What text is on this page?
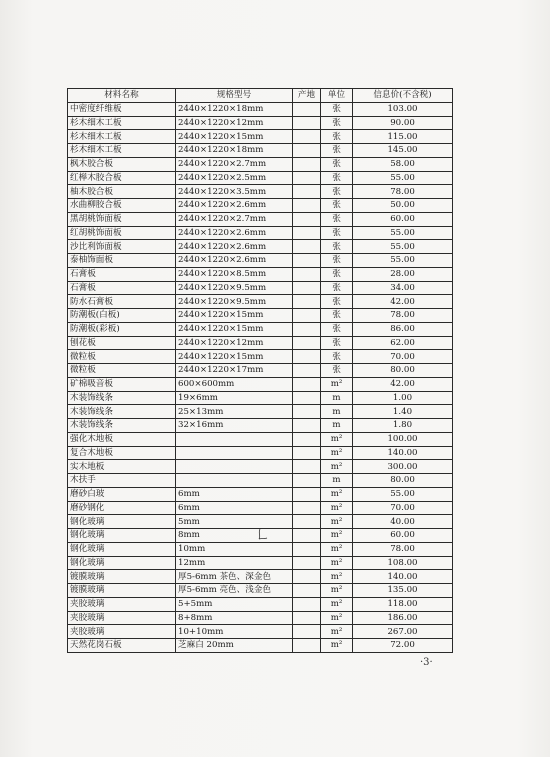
材料名称	规格型号	产地	单位	信息价(不含税)
中密度纤维板	2440×1220×18mm		张	103.00
杉木细木工板	2440×1220×12mm		张	90.00
杉木细木工板	2440×1220×15mm		张	115.00
杉木细木工板	2440×1220×18mm		张	145.00
枫木胶合板	2440×1220×2.7mm		张	58.00
红榉木胶合板	2440×1220×2.5mm		张	55.00
柚木胶合板	2440×1220×3.5mm		张	78.00
水曲柳胶合板	2440×1220×2.6mm		张	50.00
黑胡桃饰面板	2440×1220×2.7mm		张	60.00
红胡桃饰面板	2440×1220×2.6mm		张	55.00
沙比利饰面板	2440×1220×2.6mm		张	55.00
泰柚饰面板	2440×1220×2.6mm		张	55.00
石膏板	2440×1220×8.5mm		张	28.00
石膏板	2440×1220×9.5mm		张	34.00
防水石膏板	2440×1220×9.5mm		张	42.00
防潮板(白板)	2440×1220×15mm		张	78.00
防潮板(彩板)	2440×1220×15mm		张	86.00
刨花板	2440×1220×12mm		张	62.00
微粒板	2440×1220×15mm		张	70.00
微粒板	2440×1220×17mm		张	80.00
矿棉吸音板	600×600mm		m²	42.00
木装饰线条	19×6mm		m	1.00
木装饰线条	25×13mm		m	1.40
木装饰线条	32×16mm		m	1.80
强化木地板			m²	100.00
复合木地板			m²	140.00
实木地板			m²	300.00
木扶手			m	80.00
磨砂白玻	6mm		m²	55.00
磨砂钢化	6mm		m²	70.00
钢化玻璃	5mm		m²	40.00
钢化玻璃	8mm		m²	60.00
钢化玻璃	10mm		m²	78.00
钢化玻璃	12mm		m²	108.00
镀膜玻璃	厚5-6mm 茶色、深金色		m²	140.00
镀膜玻璃	厚5-6mm 亮色、浅金色		m²	135.00
夹胶玻璃	5+5mm		m²	118.00
夹胶玻璃	8+8mm		m²	186.00
夹胶玻璃	10+10mm		m²	267.00
天然花岗石板	芝麻白 20mm		m²	72.00
·3·
